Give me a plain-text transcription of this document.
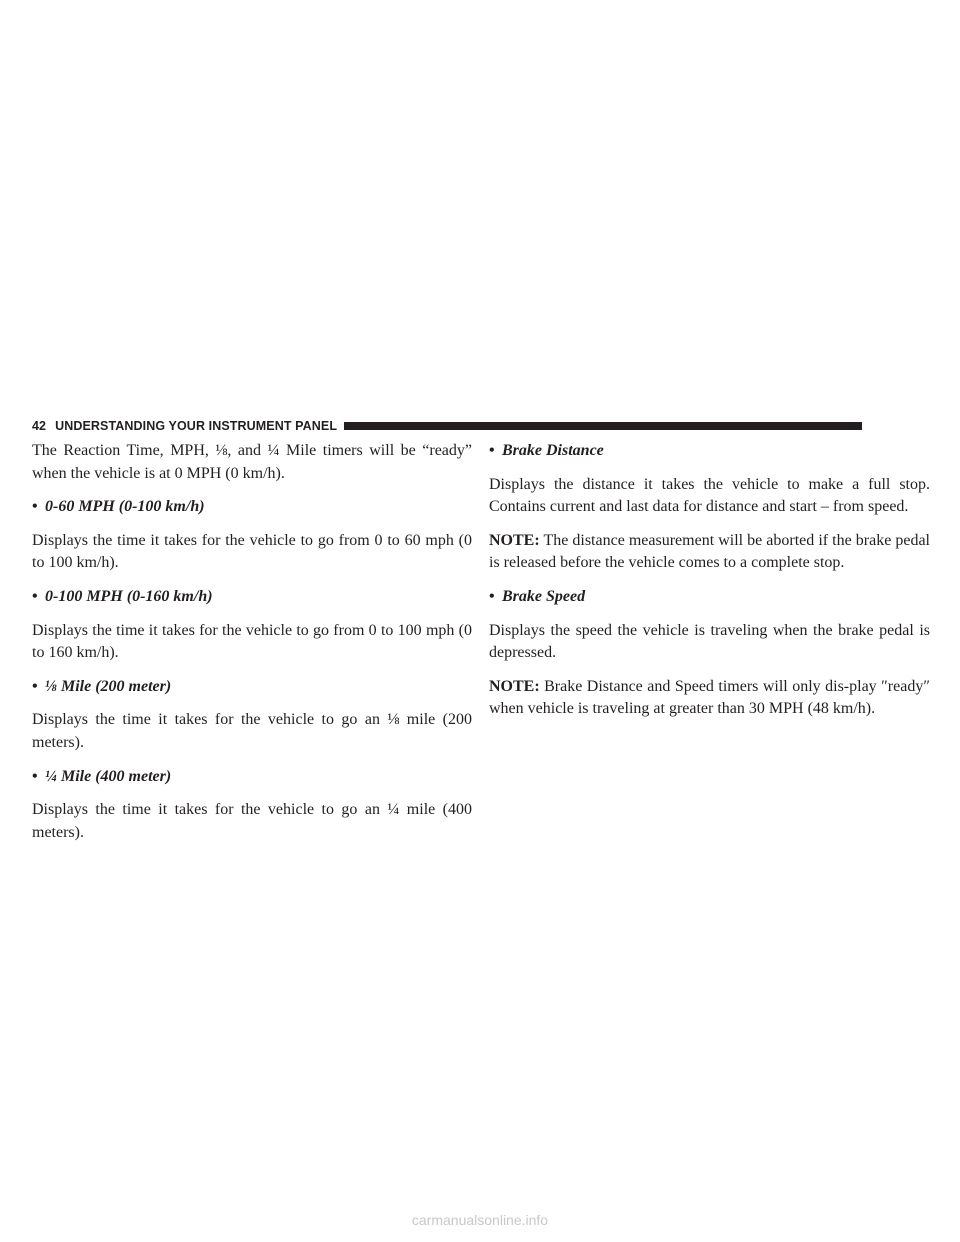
42 UNDERSTANDING YOUR INSTRUMENT PANEL

The Reaction Time, MPH, ⅛, and ¼ Mile timers will be “ready” when the vehicle is at 0 MPH (0 km/h).

• 0-60 MPH (0-100 km/h)

Displays the time it takes for the vehicle to go from 0 to 60 mph (0 to 100 km/h).

• 0-100 MPH (0-160 km/h)

Displays the time it takes for the vehicle to go from 0 to 100 mph (0 to 160 km/h).

• ⅛ Mile (200 meter)

Displays the time it takes for the vehicle to go an ⅛ mile (200 meters).

• ¼ Mile (400 meter)

Displays the time it takes for the vehicle to go an ¼ mile (400 meters).

• Brake Distance

Displays the distance it takes the vehicle to make a full stop. Contains current and last data for distance and start – from speed.

NOTE: The distance measurement will be aborted if the brake pedal is released before the vehicle comes to a complete stop.

• Brake Speed

Displays the speed the vehicle is traveling when the brake pedal is depressed.

NOTE: Brake Distance and Speed timers will only dis-play ″ready″ when vehicle is traveling at greater than 30 MPH (48 km/h).

carmanualsonline.info
